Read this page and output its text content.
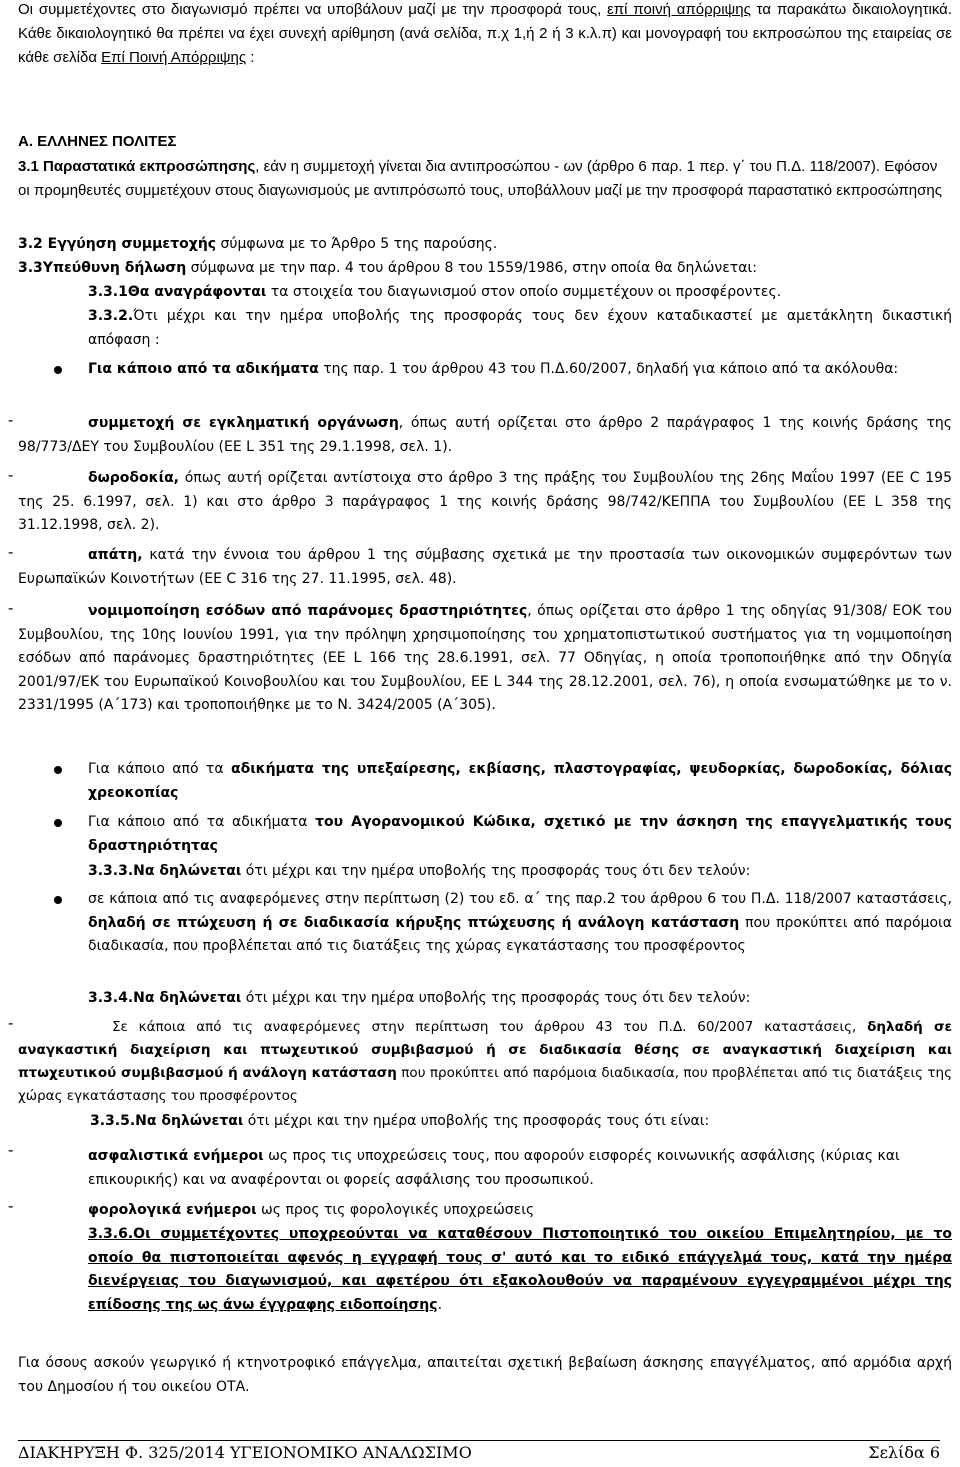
Οι συμμετέχοντες στο διαγωνισμό πρέπει να υποβάλουν μαζί με την προσφορά τους, επί ποινή απόρριψης τα παρακάτω δικαιολογητικά. Κάθε δικαιολογητικό θα πρέπει να έχει συνεχή αρίθμηση (ανά σελίδα, π.χ 1,ή 2 ή 3 κ.λ.π) και μονογραφή του εκπροσώπου της εταιρείας σε κάθε σελίδα Επί Ποινή Απόρριψης :
Α. ΕΛΛΗΝΕΣ ΠΟΛΙΤΕΣ
3.1 Παραστατικά εκπροσώπησης, εάν η συμμετοχή γίνεται δια αντιπροσώπου - ων (άρθρο 6 παρ. 1 περ. γ΄ του Π.Δ. 118/2007). Εφόσον οι προμηθευτές συμμετέχουν στους διαγωνισμούς με αντιπρόσωπό τους, υποβάλλουν μαζί με την προσφορά παραστατικό εκπροσώπησης
3.2 Εγγύηση συμμετοχής σύμφωνα με το Άρθρο 5 της παρούσης.
3.3Υπεύθυνη δήλωση σύμφωνα με την παρ. 4 του άρθρου 8 του 1559/1986, στην οποία θα δηλώνεται:
3.3.1Θα αναγράφονται τα στοιχεία του διαγωνισμού στον οποίο συμμετέχουν οι προσφέροντες.
3.3.2.Ότι μέχρι και την ημέρα υποβολής της προσφοράς τους δεν έχουν καταδικαστεί με αμετάκλητη δικαστική απόφαση :
Για κάποιο από τα αδικήματα της παρ. 1 του άρθρου 43 του Π.Δ.60/2007, δηλαδή για κάποιο από τα ακόλουθα:
-	συμμετοχή σε εγκληματική οργάνωση, όπως αυτή ορίζεται στο άρθρο 2 παράγραφος 1 της κοινής δράσης της 98/773/ΔΕΥ του Συμβουλίου (ΕΕ L 351 της 29.1.1998, σελ. 1).
-	δωροδοκία, όπως αυτή ορίζεται αντίστοιχα στο άρθρο 3 της πράξης του Συμβουλίου της 26ης Μαΐου 1997 (ΕΕ C 195 της 25. 6.1997, σελ. 1) και στο άρθρο 3 παράγραφος 1 της κοινής δράσης 98/742/ΚΕΠΠΑ του Συμβουλίου (ΕΕ L 358 της 31.12.1998, σελ. 2).
-	απάτη, κατά την έννοια του άρθρου 1 της σύμβασης σχετικά με την προστασία των οικονομικών συμφερόντων των Ευρωπαϊκών Κοινοτήτων (ΕΕ C 316 της 27. 11.1995, σελ. 48).
-	νομιμοποίηση εσόδων από παράνομες δραστηριότητες, όπως ορίζεται στο άρθρο 1 της οδηγίας 91/308/ ΕΟΚ του Συμβουλίου, της 10ης Ιουνίου 1991, για την πρόληψη χρησιμοποίησης του χρηματοπιστωτικού συστήματος για τη νομιμοποίηση εσόδων από παράνομες δραστηριότητες (ΕΕ L 166 της 28.6.1991, σελ. 77 Οδηγίας, η οποία τροποποιήθηκε από την Οδηγία 2001/97/ΕΚ του Ευρωπαϊκού Κοινοβουλίου και του Συμβουλίου, ΕΕ L 344 της 28.12.2001, σελ. 76), η οποία ενσωματώθηκε με το ν. 2331/1995 (Α΄173) και τροποποιήθηκε με το Ν. 3424/2005 (Α΄305).
Για κάποιο από τα αδικήματα της υπεξαίρεσης, εκβίασης, πλαστογραφίας, ψευδορκίας, δωροδοκίας, δόλιας χρεοκοπίας
Για κάποιο από τα αδικήματα του Αγορανομικού Κώδικα, σχετικό με την άσκηση της επαγγελματικής τους δραστηριότητας
3.3.3.Να δηλώνεται ότι μέχρι και την ημέρα υποβολής της προσφοράς τους ότι δεν τελούν:
σε κάποια από τις αναφερόμενες στην περίπτωση (2) του εδ. α΄ της παρ.2 του άρθρου 6 του Π.Δ. 118/2007 καταστάσεις, δηλαδή σε πτώχευση ή σε διαδικασία κήρυξης πτώχευσης ή ανάλογη κατάσταση που προκύπτει από παρόμοια διαδικασία, που προβλέπεται από τις διατάξεις της χώρας εγκατάστασης του προσφέροντος
3.3.4.Να δηλώνεται ότι μέχρι και την ημέρα υποβολής της προσφοράς τους ότι δεν τελούν:
-	Σε κάποια από τις αναφερόμενες στην περίπτωση του άρθρου 43 του Π.Δ. 60/2007 καταστάσεις, δηλαδή σε αναγκαστική διαχείριση και πτωχευτικού συμβιβασμού ή σε διαδικασία θέσης σε αναγκαστική διαχείριση και πτωχευτικού συμβιβασμού ή ανάλογη κατάσταση που προκύπτει από παρόμοια διαδικασία, που προβλέπεται από τις διατάξεις της χώρας εγκατάστασης του προσφέροντος
3.3.5.Να δηλώνεται ότι μέχρι και την ημέρα υποβολής της προσφοράς τους ότι είναι:
-	ασφαλιστικά ενήμεροι ως προς τις υποχρεώσεις τους, που αφορούν εισφορές κοινωνικής ασφάλισης (κύριας και επικουρικής) και να αναφέρονται οι φορείς ασφάλισης του προσωπικού.
-	φορολογικά ενήμεροι ως προς τις φορολογικές υποχρεώσεις
3.3.6.Οι συμμετέχοντες υποχρεούνται να καταθέσουν Πιστοποιητικό του οικείου Επιμελητηρίου, με το οποίο θα πιστοποιείται αφενός η εγγραφή τους σ' αυτό και το ειδικό επάγγελμά τους, κατά την ημέρα διενέργειας του διαγωνισμού, και αφετέρου ότι εξακολουθούν να παραμένουν εγγεγραμμένοι μέχρι της επίδοσης της ως άνω έγγραφης ειδοποίησης.
Για όσους ασκούν γεωργικό ή κτηνοτροφικό επάγγελμα, απαιτείται σχετική βεβαίωση άσκησης επαγγέλματος, από αρμόδια αρχή του Δημοσίου ή του οικείου ΟΤΑ.
ΔΙΑΚΗΡΥΞΗ Φ. 325/2014 ΥΓΕΙΟΝΟΜΙΚΟ ΑΝΑΛΩΣΙΜΟ	Σελίδα 6
